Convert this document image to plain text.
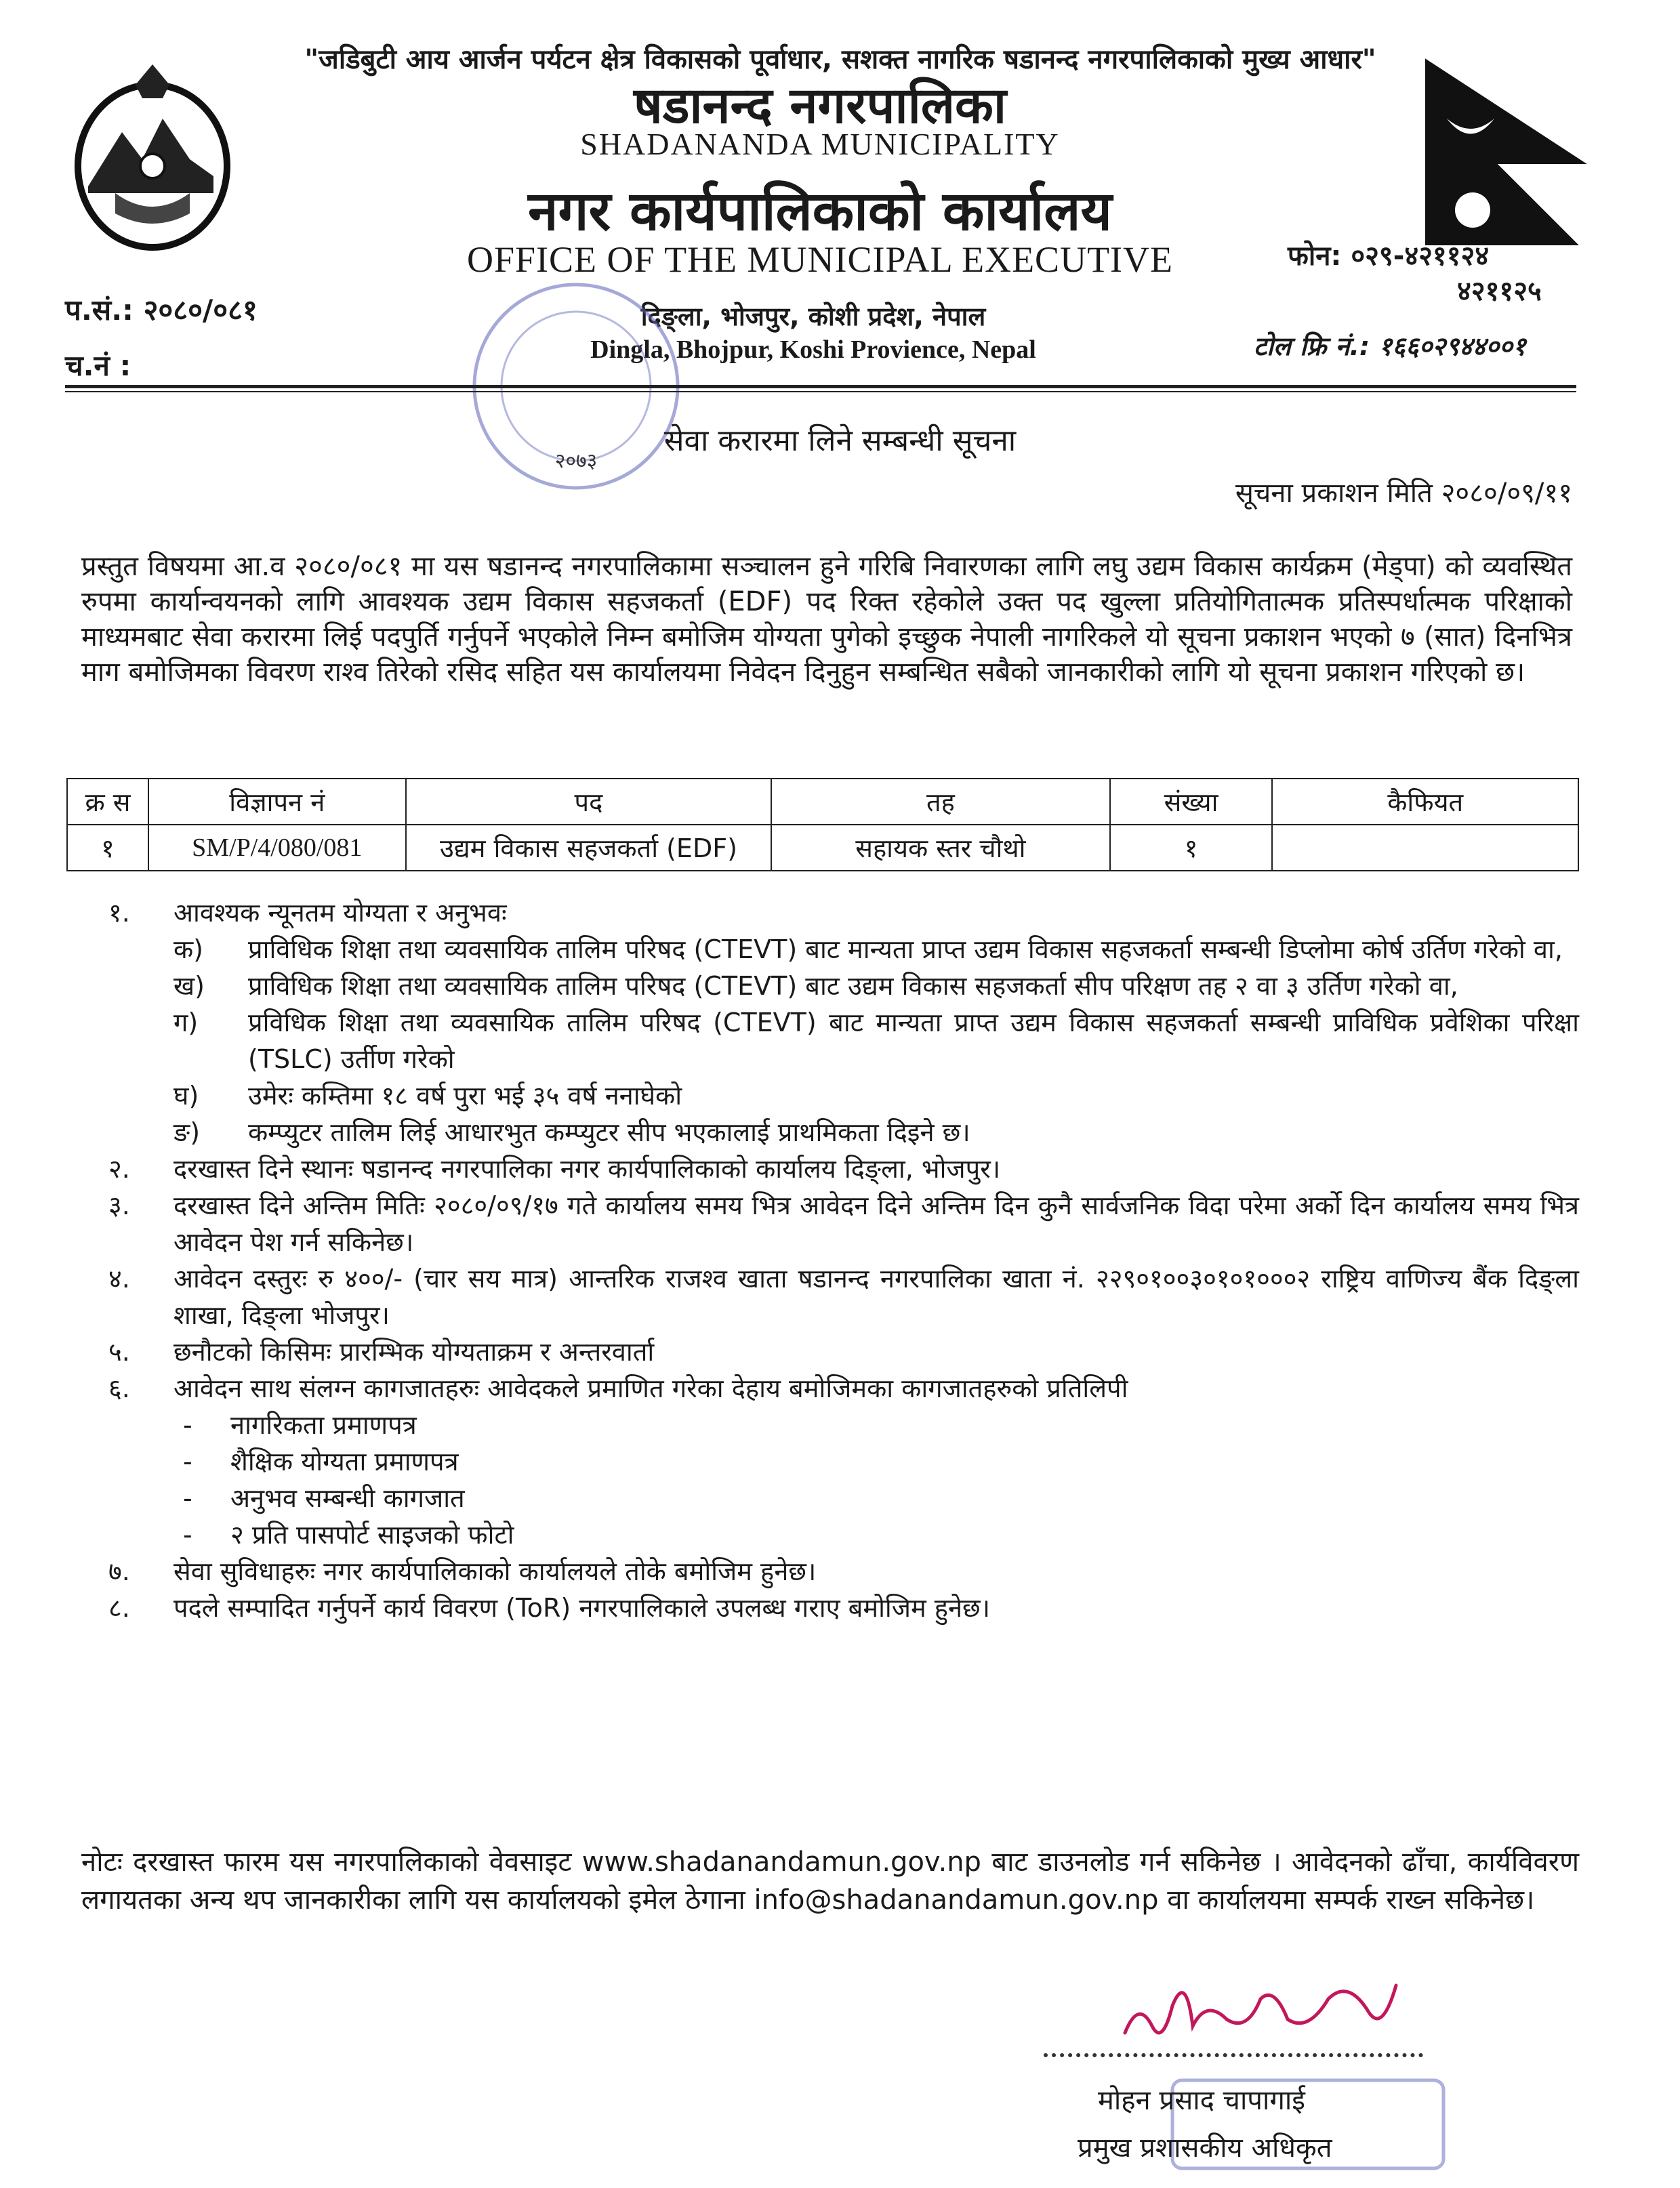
"जडिबुटी आय आर्जन पर्यटन क्षेत्र विकासको पूर्वाधार, सशक्त नागरिक षडानन्द नगरपालिकाको मुख्य आधार"
षडानन्द नगरपालिका
SHADANANDA MUNICIPALITY
नगर कार्यपालिकाको कार्यालय
OFFICE OF THE MUNICIPAL EXECUTIVE
दिङ्ला, भोजपुर, कोशी प्रदेश, नेपाल
Dingla, Bhojpur, Koshi Provience, Nepal
प.सं.: २०८०/०८१
च.नं :
फोन: ०२९-४२११२४
४२११२५
टोल फ्रि नं.: १६६०२९४४००१
२०७३
सेवा करारमा लिने सम्बन्धी सूचना
सूचना प्रकाशन मिति २०८०/०९/११
प्रस्तुत विषयमा आ.व २०८०/०८१ मा यस षडानन्द नगरपालिकामा सञ्चालन हुने गरिबि निवारणका लागि लघु उद्यम विकास कार्यक्रम (मेड्पा) को व्यवस्थित रुपमा कार्यान्वयनको लागि आवश्यक उद्यम विकास सहजकर्ता (EDF) पद रिक्त रहेकोले उक्त पद खुल्ला प्रतियोगितात्मक प्रतिस्पर्धात्मक परिक्षाको माध्यमबाट सेवा करारमा लिई पदपुर्ति गर्नुपर्ने भएकोले निम्न बमोजिम योग्यता पुगेको इच्छुक नेपाली नागरिकले यो सूचना प्रकाशन भएको ७ (सात) दिनभित्र माग बमोजिमका विवरण राश्व तिरेको रसिद सहित यस कार्यालयमा निवेदन दिनुहुन सम्बन्धित सबैको जानकारीको लागि यो सूचना प्रकाशन गरिएको छ।
क्र स	विज्ञापन नं	पद	तह	संख्या	कैफियत
१	SM/P/4/080/081	उद्यम विकास सहजकर्ता (EDF)	सहायक स्तर चौथो	१	
१.	आवश्यक न्यूनतम योग्यता र अनुभवः
क)	प्राविधिक शिक्षा तथा व्यवसायिक तालिम परिषद (CTEVT) बाट मान्यता प्राप्त उद्यम विकास सहजकर्ता सम्बन्धी डिप्लोमा कोर्ष उर्तिण गरेको वा,
ख)	प्राविधिक शिक्षा तथा व्यवसायिक तालिम परिषद (CTEVT) बाट उद्यम विकास सहजकर्ता सीप परिक्षण तह २ वा ३ उर्तिण गरेको वा,
ग)	प्रविधिक शिक्षा तथा व्यवसायिक तालिम परिषद (CTEVT) बाट मान्यता प्राप्त उद्यम विकास सहजकर्ता सम्बन्धी प्राविधिक प्रवेशिका परिक्षा (TSLC) उर्तीण गरेको
घ)	उमेरः कम्तिमा १८ वर्ष पुरा भई ३५ वर्ष ननाघेको
ङ)	कम्प्युटर तालिम लिई आधारभुत कम्प्युटर सीप भएकालाई प्राथमिकता दिइने छ।
२.	दरखास्त दिने स्थानः षडानन्द नगरपालिका नगर कार्यपालिकाको कार्यालय दिङ्ला, भोजपुर।
३.	दरखास्त दिने अन्तिम मितिः २०८०/०९/१७ गते कार्यालय समय भित्र आवेदन दिने अन्तिम दिन कुनै सार्वजनिक विदा परेमा अर्को दिन कार्यालय समय भित्र आवेदन पेश गर्न सकिनेछ।
४.	आवेदन दस्तुरः रु ४००/- (चार सय मात्र) आन्तरिक राजश्व खाता षडानन्द नगरपालिका खाता नं. २२९०१००३०१०१०००२ राष्ट्रिय वाणिज्य बैंक दिङ्ला शाखा, दिङ्ला भोजपुर।
५.	छनौटको किसिमः प्रारम्भिक योग्यताक्रम र अन्तरवार्ता
६.	आवेदन साथ संलग्न कागजातहरुः आवेदकले प्रमाणित गरेका देहाय बमोजिमका कागजातहरुको प्रतिलिपी
-	नागरिकता प्रमाणपत्र
-	शैक्षिक योग्यता प्रमाणपत्र
-	अनुभव सम्बन्धी कागजात
-	२ प्रति पासपोर्ट साइजको फोटो
७.	सेवा सुविधाहरुः नगर कार्यपालिकाको कार्यालयले तोके बमोजिम हुनेछ।
८.	पदले सम्पादित गर्नुपर्ने कार्य विवरण (ToR) नगरपालिकाले उपलब्ध गराए बमोजिम हुनेछ।
नोटः दरखास्त फारम यस नगरपालिकाको वेवसाइट www.shadanandamun.gov.np बाट डाउनलोड गर्न सकिनेछ । आवेदनको ढाँचा, कार्यविवरण लगायतका अन्य थप जानकारीका लागि यस कार्यालयको इमेल ठेगाना info@shadanandamun.gov.np वा कार्यालयमा सम्पर्क राख्न सकिनेछ।
मोहन प्रसाद चापागाई
प्रमुख प्रशासकीय अधिकृत
